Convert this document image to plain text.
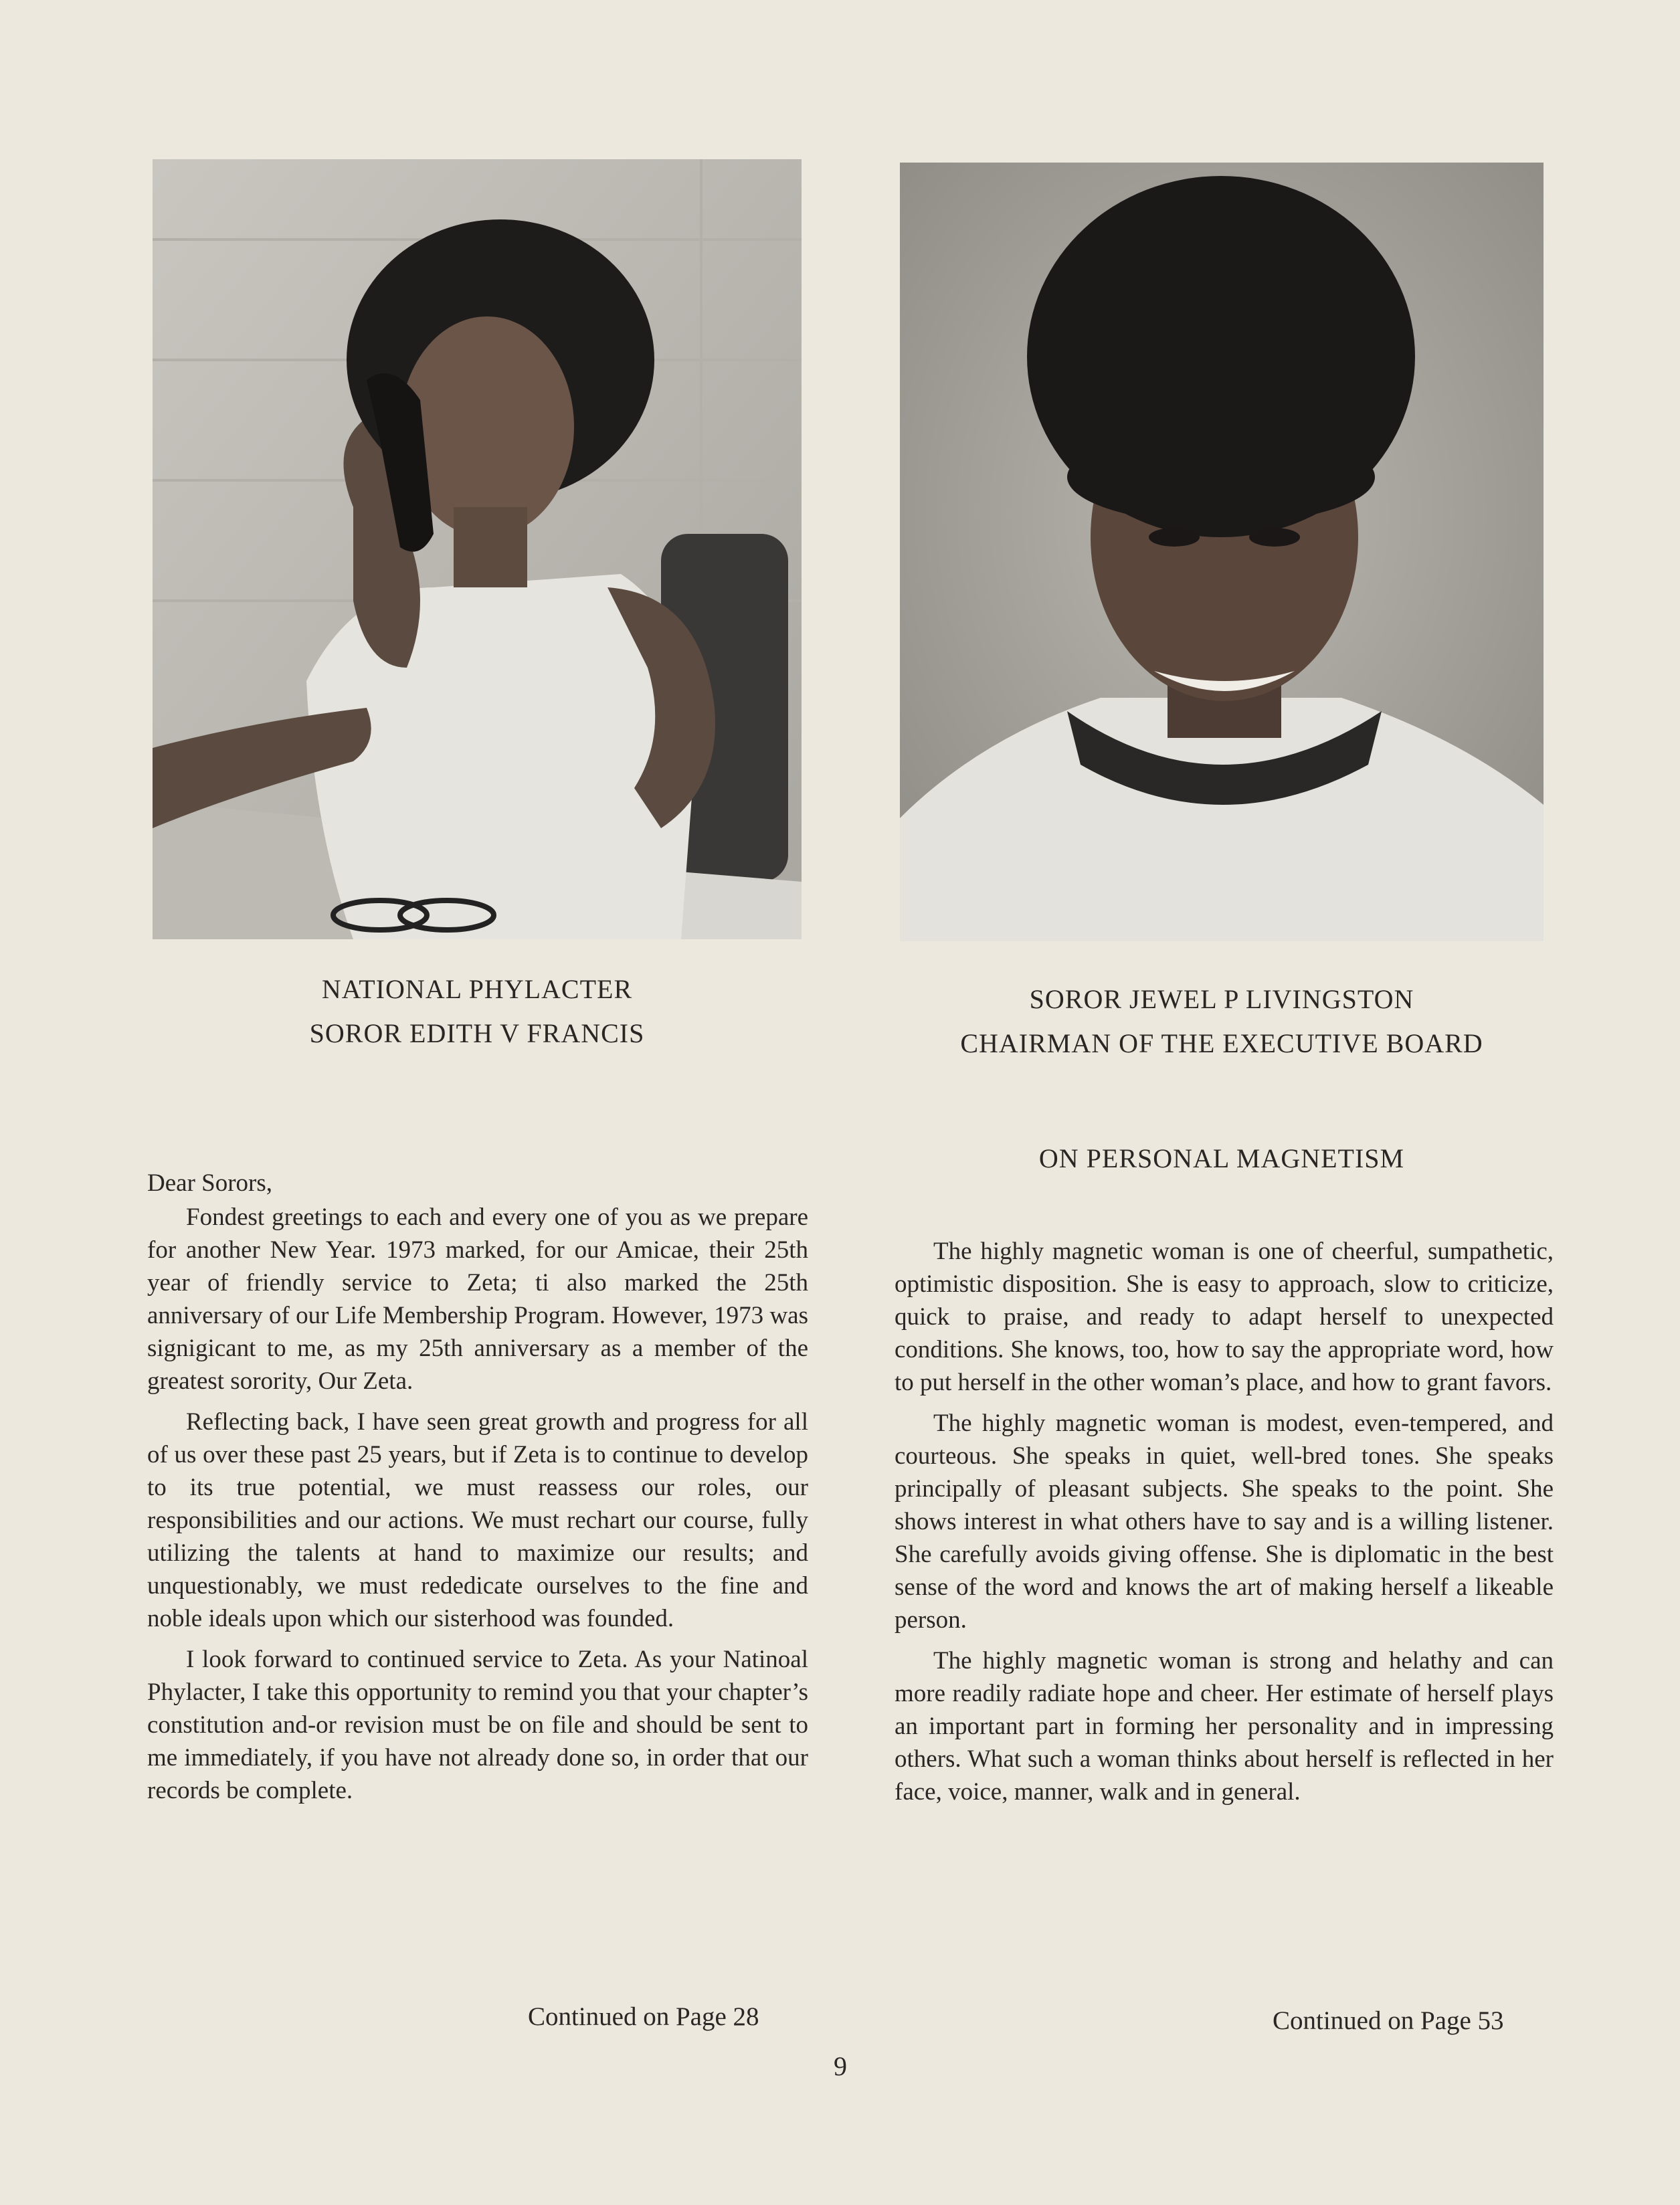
NATIONAL PHYLACTER
SOROR EDITH V FRANCIS
SOROR JEWEL P LIVINGSTON
CHAIRMAN OF THE EXECUTIVE BOARD
ON PERSONAL MAGNETISM
Dear Sorors,

Fondest greetings to each and every one of you as we prepare for another New Year. 1973 marked, for our Amicae, their 25th year of friendly service to Zeta; ti also marked the 25th anniversary of our Life Membership Program. However, 1973 was signigicant to me, as my 25th anniversary as a member of the greatest sorority, Our Zeta.

Reflecting back, I have seen great growth and progress for all of us over these past 25 years, but if Zeta is to continue to develop to its true potential, we must reassess our roles, our responsibilities and our actions. We must rechart our course, fully utilizing the talents at hand to maximize our results; and unquestionably, we must rededicate ourselves to the fine and noble ideals upon which our sisterhood was founded.

I look forward to continued service to Zeta. As your Natinoal Phylacter, I take this opportunity to remind you that your chapter’s constitution and-or revision must be on file and should be sent to me immediately, if you have not already done so, in order that our records be complete.

The highly magnetic woman is one of cheerful, sumpathetic, optimistic disposition. She is easy to approach, slow to criticize, quick to praise, and ready to adapt herself to unexpected conditions. She knows, too, how to say the appropriate word, how to put herself in the other woman’s place, and how to grant favors.

The highly magnetic woman is modest, even-tempered, and courteous. She speaks in quiet, well-bred tones. She speaks principally of pleasant subjects. She speaks to the point. She shows interest in what others have to say and is a willing listener. She carefully avoids giving offense. She is diplomatic in the best sense of the word and knows the art of making herself a likeable person.

The highly magnetic woman is strong and helathy and can more readily radiate hope and cheer. Her estimate of herself plays an important part in forming her personality and in impressing others. What such a woman thinks about herself is reflected in her face, voice, manner, walk and in general.

Continued on Page 28	Continued on Page 53
9
